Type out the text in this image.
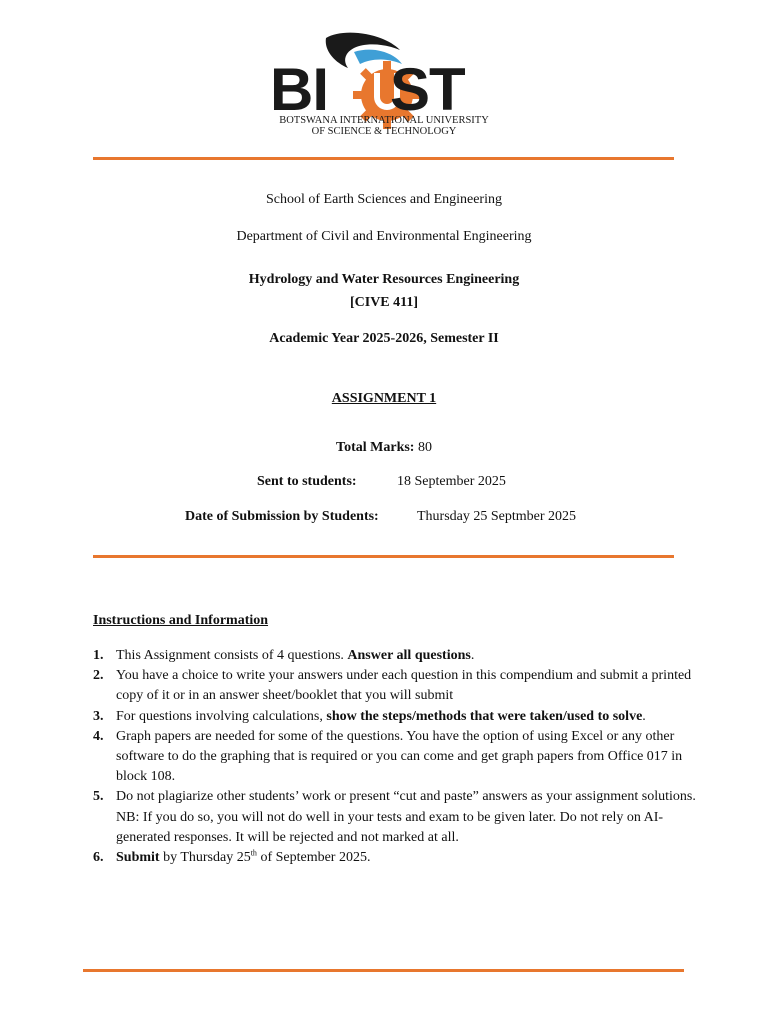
BI ST
BOTSWANA INTERNATIONAL UNIVERSITY
OF SCIENCE & TECHNOLOGY
School of Earth Sciences and Engineering
Department of Civil and Environmental Engineering
Hydrology and Water Resources Engineering
[CIVE 411]
Academic Year 2025-2026, Semester II
ASSIGNMENT 1
Total Marks: 80
Sent to students:	18 September 2025
Date of Submission by Students:	Thursday 25 Septmber 2025
Instructions and Information
1. This Assignment consists of 4 questions. Answer all questions.
2. You have a choice to write your answers under each question in this compendium and submit a printed copy of it or in an answer sheet/booklet that you will submit
3. For questions involving calculations, show the steps/methods that were taken/used to solve.
4. Graph papers are needed for some of the questions. You have the option of using Excel or any other software to do the graphing that is required or you can come and get graph papers from Office 017 in block 108.
5. Do not plagiarize other students’ work or present “cut and paste” answers as your assignment solutions. NB: If you do so, you will not do well in your tests and exam to be given later. Do not rely on AI-generated responses. It will be rejected and not marked at all.
6. Submit by Thursday 25th of September 2025.
